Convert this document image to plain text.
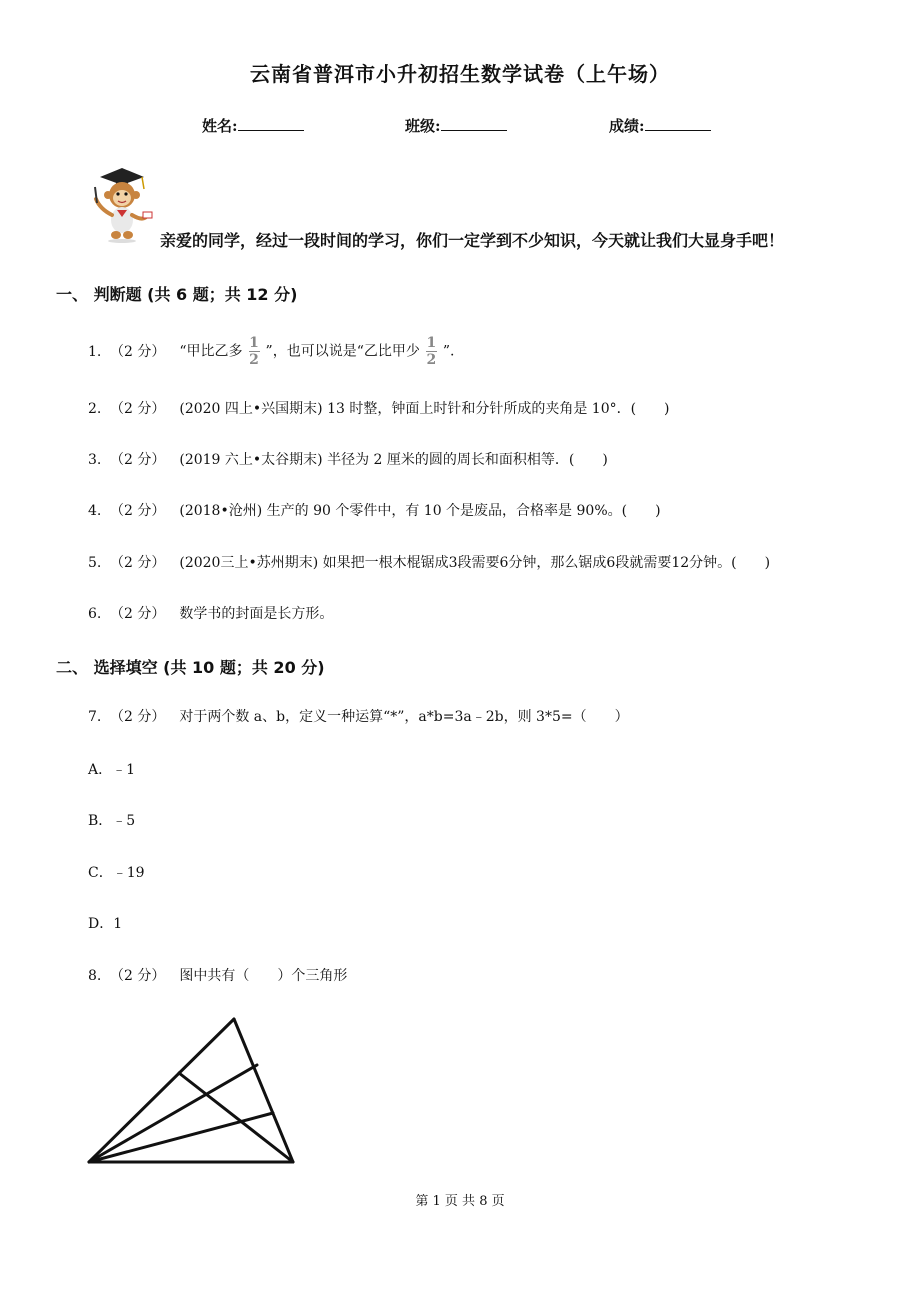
云南省普洱市小升初招生数学试卷（上午场）
姓名:	班级:	成绩:
亲爱的同学，经过一段时间的学习，你们一定学到不少知识，今天就让我们大显身手吧！
一、 判断题 (共 6 题；共 12 分)
1. （2 分） “甲比乙多 $\frac{1}{2}$ ”，也可以说是“乙比甲少 $\frac{1}{2}$ ”.
2. （2 分） (2020 四上•兴国期末) 13 时整，钟面上时针和分针所成的夹角是 10°．(　　)
3. （2 分） (2019 六上•太谷期末) 半径为 2 厘米的圆的周长和面积相等．(　　)
4. （2 分） (2018•沧州) 生产的 90 个零件中，有 10 个是废品，合格率是 90%。(　　)
5. （2 分） (2020三上•苏州期末) 如果把一根木棍锯成3段需要6分钟，那么锯成6段就需要12分钟。(　　)
6. （2 分） 数学书的封面是长方形。
二、 选择填空 (共 10 题；共 20 分)
7. （2 分） 对于两个数 a、b，定义一种运算“*”，a*b=3a﹣2b，则 3*5=（　　）
A．﹣1
B．﹣5
C．﹣19
D．1
8. （2 分） 图中共有（　　）个三角形
第 1 页 共 8 页
